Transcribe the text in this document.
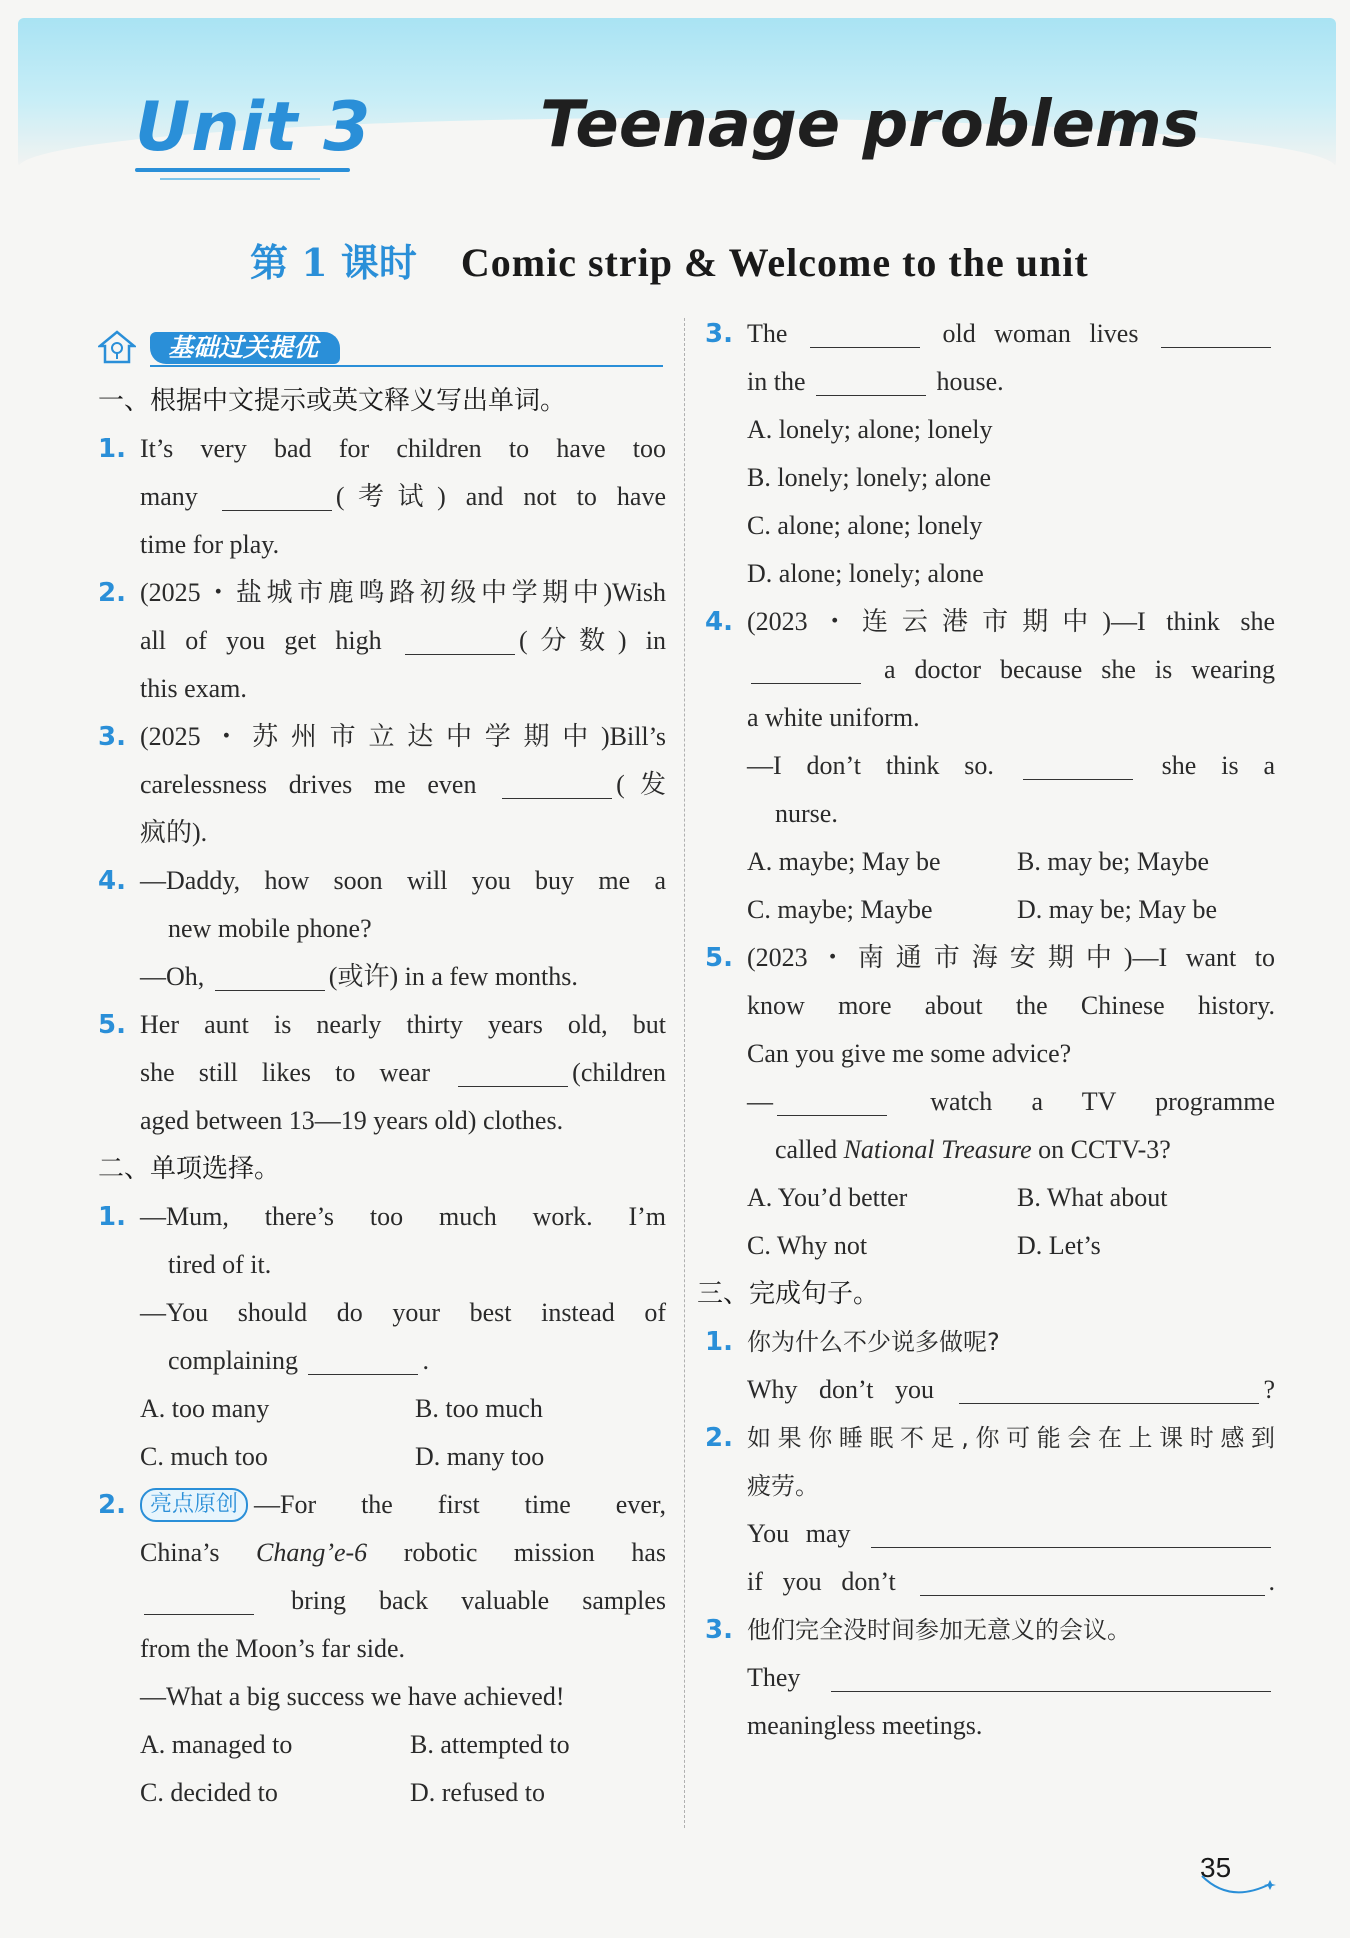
Unit 3	Teenage problems
第 1 课时 Comic strip & Welcome to the unit
基础过关提优
一、根据中文提示或英文释义写出单词。
1. It’s very bad for children to have too
many	(考试) and not to have
time for play.
2. (2025・盐城市鹿鸣路初级中学期中)Wish
all of you get high	(分数) in
this exam.
3. (2025・苏州市立达中学期中)Bill’s
carelessness drives me even	(发
疯的).
4. —Daddy, how soon will you buy me a
new mobile phone?
—Oh,	(或许) in a few months.
5. Her aunt is nearly thirty years old, but
she still likes to wear	(children
aged between 13—19 years old) clothes.
二、单项选择。
1. —Mum, there’s too much work. I’m
tired of it.
—You should do your best instead of
complaining	.
A. too many	B. too much
C. much too	D. many too
2.	亮点原创 —For the first time ever,
China’s Chang’e-6 robotic mission has
bring back valuable samples
from the Moon’s far side.
—What a big success we have achieved!
A. managed to	B. attempted to
C. decided to	D. refused to
3. The	old woman lives
in the	house.
A. lonely; alone; lonely
B. lonely; lonely; alone
C. alone; alone; lonely
D. alone; lonely; alone
4. (2023・连云港市期中)—I think she
a doctor because she is wearing
a white uniform.
—I don’t think so.	she is a
nurse.
A. maybe; May be	B. may be; Maybe
C. maybe; Maybe	D. may be; May be
5. (2023・南通市海安期中)—I want to
know more about the Chinese history.
Can you give me some advice?
—	watch a TV programme
called National Treasure on CCTV-3?
A. You’d better	B. What about
C. Why not	D. Let’s
三、完成句子。
1. 你为什么不少说多做呢?
Why don’t you	?
2. 如果你睡眠不足,你可能会在上课时感到
疲劳。
You may
if you don’t	.
3. 他们完全没时间参加无意义的会议。
They
meaningless meetings.
35
